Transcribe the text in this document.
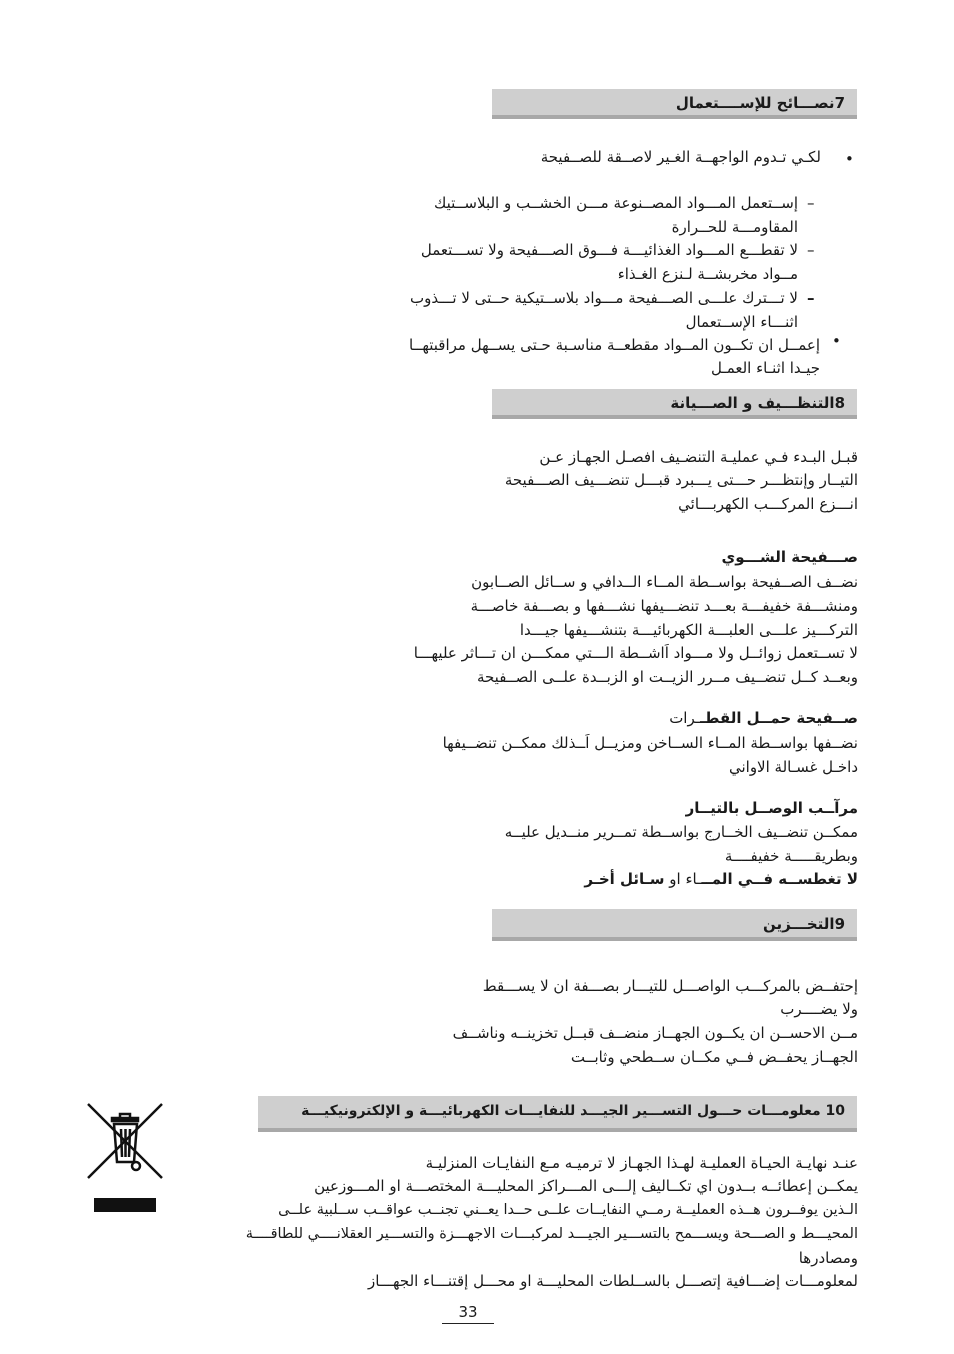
7نصـــائح للإســــتعمال
•
لكـي تـدوم الواجهــة الغـير لاصــقة للصــفيحة
–
إســتعمل المـــواد المصــنوعة مـــن الخشــب و البلاســتيك
المقاومـــة للحــرارة
–
لا تقطـــع المـــواد الغذائيـــة فـــوق الصـــفيحة ولا تســـتعمل
مــواد مخربشــة لـنزع الغـذاء
–
لا تـــترك علـــى الصـــفيحة مـــواد بلاســتيكية حــتى لا تـــذوب
اثنـــاء الإســتعمال
•
إعمــل ان تكــون المــواد مقطعــة مناسـبة حـتى يســهل مراقبتهــا
جيـدا اثنـاء العمـل
8التنظـــيف و الصـــيانة
قبـل البـدء فـي عمليـة التنضـيف افصـل الجهـاز عـن
التيــار وإنتظـــر حـــتى يـــبرد قبـــل تنضـــيف الصـــفيحة
انـــزع المركـــب الكهربـــائي
صـــفيحة الشـــوي
نضــف الصــفيحة بواســطة المــاء الــدافي و ســائل الصــابون
ومنشـــفة خفيفـــة بعـــد تنضـــيفها نشـــفها و بصـــفة خاصـــة
التركـــيز علـــى العلبـــة الكهربائيـــة بتنشـــيفها جيـــدا
لا تســتعمل زوائــل ولا مـــواد اَاشــطة الـــتي ممكـــن ان تـــاثر عليهـــا
وبعــد كــل تنضــيف مــرر الزيــت او الزبــدة علــى الصــفيحة
صــفيحة حمــل القطــرات
نضــفها بواســطة المــاء الســاخن ومزيــل اَــذلك ممكــن تنضــيفها
داخـل غسـالة الاواني
مرآــب الوصــل بالتيــار
ممكــن تنضــيف الخــارج بواســطة تمــرير منــديل عليــه
وبطريقـــــة خفيفــــة
لا تغطســه فــي المـــاء او سـائل أخـر
9التخـــزين
إحتفــض بالمركـــب الواصـــل للتيـــار بصـــفة ان لا يســـقط
ولا يضــــرب
مــن الاحســن ان يكــون الجهــاز منضــف قبــل تخزينــه وناشــف
الجهــاز يحفــض فــي مكــان ســطحي وثابــت
10 معلومـــات حـــول التســـير الجيـــد للنفايـــات الكهربائيـــة و الإلكترونيكيـــة
عنـد نهايـة الحيـاة العمليـة لهـذا الجهـاز لا ترميـه مـع النفايـات المنزليـة
يمكــن إعطائــه بــدون اي تكــاليف إلـــى المـــراكز المحليـــة المختصـــة او المـــوزعين
الـذين يوفــرون هــذه العمليــة رمــي النفايــات علــى حــدا يعــني تجنــب عواقــب ســلبية علــى
المحيـــط و الصـــحة ويســـمح بالتســـير الجيـــد لمركبـــات الاجهـــزة والتســـير العقلانــــي للطاقــــة
ومصادرها
لمعلومـــات إضـــافية إتصـــل بالســلطات المحليـــة او محـــل إقتنـــاء الجهـــاز
33
